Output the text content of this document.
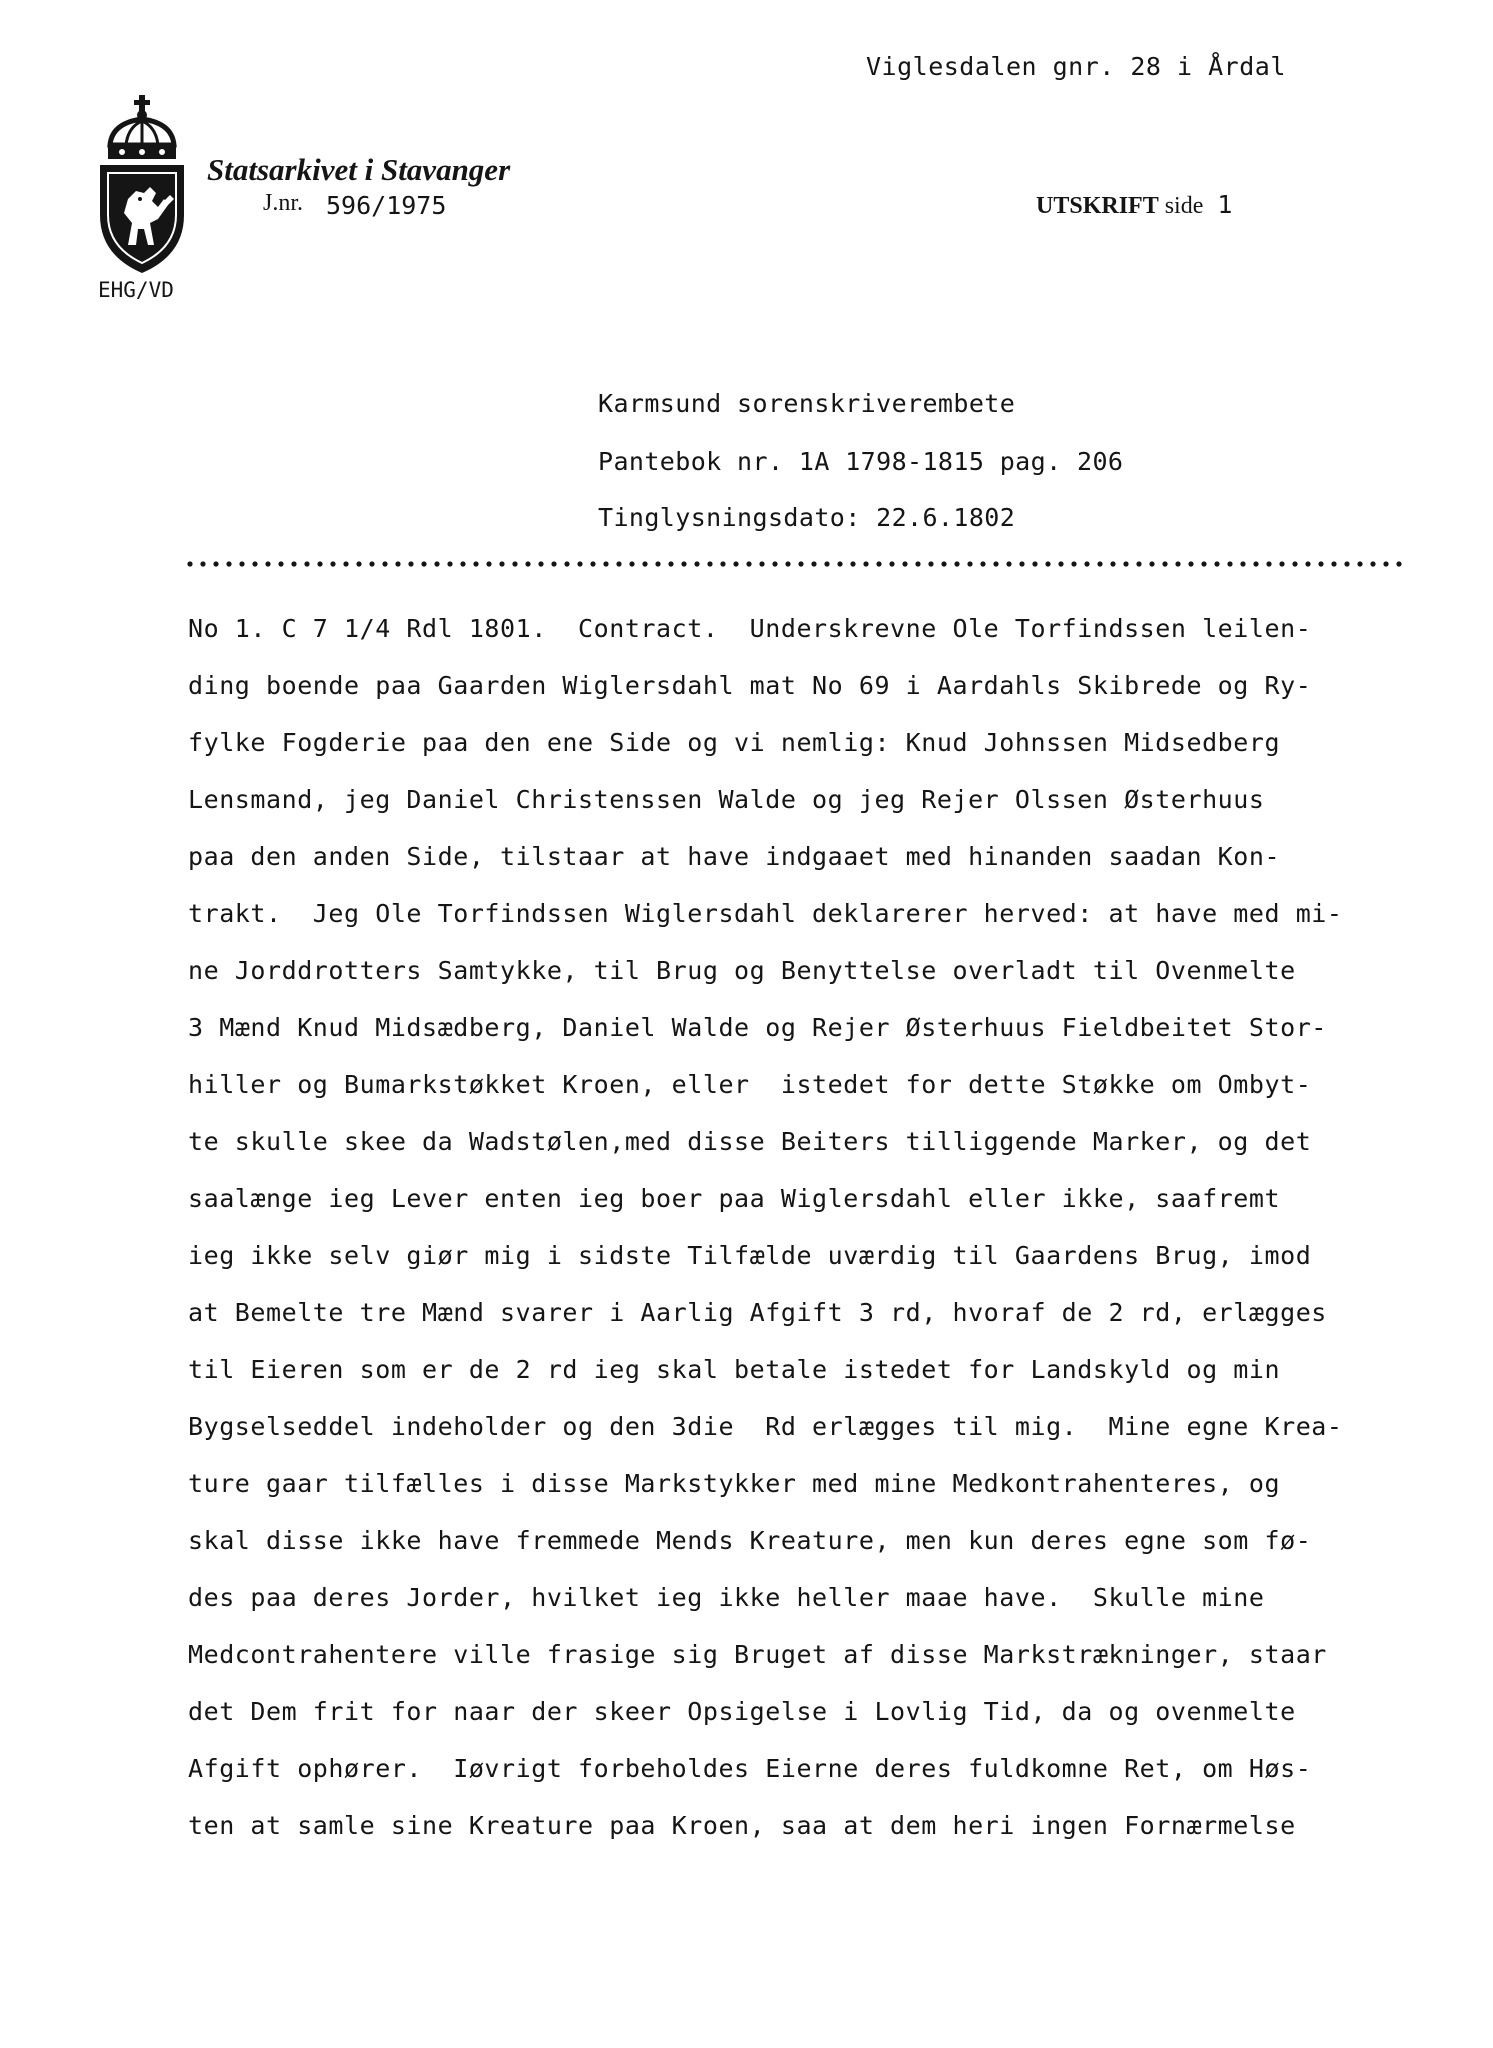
Viglesdalen gnr. 28 i Årdal
Statsarkivet i Stavanger
J.nr. 596/1975	UTSKRIFT side 1
EHG/VD
Karmsund sorenskriverembete
Pantebok nr. 1A 1798-1815 pag. 206
Tinglysningsdato: 22.6.1802
No 1. C 7 1/4 Rdl 1801.  Contract.  Underskrevne Ole Torfindssen leilen-
ding boende paa Gaarden Wiglersdahl mat No 69 i Aardahls Skibrede og Ry-
fylke Fogderie paa den ene Side og vi nemlig: Knud Johnssen Midsedberg
Lensmand, jeg Daniel Christenssen Walde og jeg Rejer Olssen Østerhuus
paa den anden Side, tilstaar at have indgaaet med hinanden saadan Kon-
trakt.  Jeg Ole Torfindssen Wiglersdahl deklarerer herved: at have med mi-
ne Jorddrotters Samtykke, til Brug og Benyttelse overladt til Ovenmelte
3 Mænd Knud Midsædberg, Daniel Walde og Rejer Østerhuus Fieldbeitet Stor-
hiller og Bumarkstøkket Kroen, eller  istedet for dette Støkke om Ombyt-
te skulle skee da Wadstølen,med disse Beiters tilliggende Marker, og det
saalænge ieg Lever enten ieg boer paa Wiglersdahl eller ikke, saafremt
ieg ikke selv giør mig i sidste Tilfælde uværdig til Gaardens Brug, imod
at Bemelte tre Mænd svarer i Aarlig Afgift 3 rd, hvoraf de 2 rd, erlægges
til Eieren som er de 2 rd ieg skal betale istedet for Landskyld og min
Bygselseddel indeholder og den 3die  Rd erlægges til mig.  Mine egne Krea-
ture gaar tilfælles i disse Markstykker med mine Medkontrahenteres, og
skal disse ikke have fremmede Mends Kreature, men kun deres egne som fø-
des paa deres Jorder, hvilket ieg ikke heller maae have.  Skulle mine
Medcontrahentere ville frasige sig Bruget af disse Markstrækninger, staar
det Dem frit for naar der skeer Opsigelse i Lovlig Tid, da og ovenmelte
Afgift ophører.  Iøvrigt forbeholdes Eierne deres fuldkomne Ret, om Høs-
ten at samle sine Kreature paa Kroen, saa at dem heri ingen Fornærmelse
